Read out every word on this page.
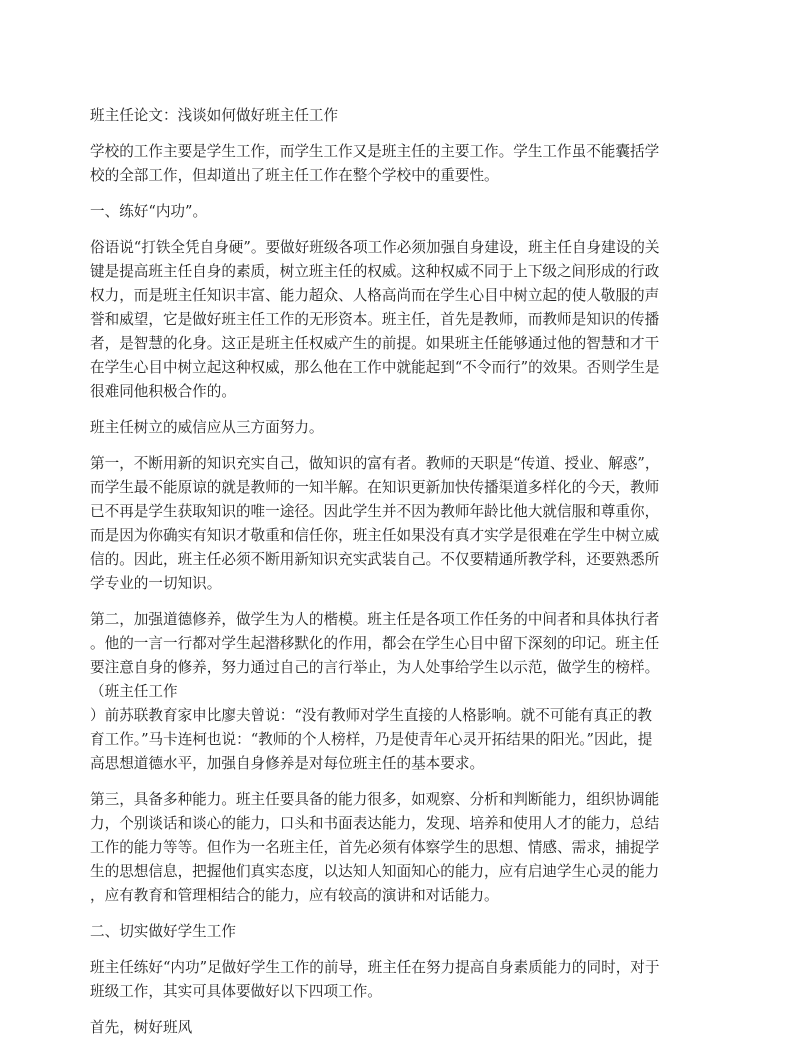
班主任论文：浅谈如何做好班主任工作
学校的工作主要是学生工作，而学生工作又是班主任的主要工作。学生工作虽不能囊括学
校的全部工作，但却道出了班主任工作在整个学校中的重要性。
一、练好“内功”。
俗语说“打铁全凭自身硬”。要做好班级各项工作必须加强自身建设，班主任自身建设的关
键是提高班主任自身的素质，树立班主任的权威。这种权威不同于上下级之间形成的行政
权力，而是班主任知识丰富、能力超众、人格高尚而在学生心目中树立起的使人敬服的声
誉和威望，它是做好班主任工作的无形资本。班主任，首先是教师，而教师是知识的传播
者，是智慧的化身。这正是班主任权威产生的前提。如果班主任能够通过他的智慧和才干
在学生心目中树立起这种权威，那么他在工作中就能起到“不令而行”的效果。否则学生是
很难同他积极合作的。
班主任树立的威信应从三方面努力。
第一，不断用新的知识充实自己，做知识的富有者。教师的天职是“传道、授业、解惑”，
而学生最不能原谅的就是教师的一知半解。在知识更新加快传播渠道多样化的今天，教师
已不再是学生获取知识的唯一途径。因此学生并不因为教师年龄比他大就信服和尊重你，
而是因为你确实有知识才敬重和信任你，班主任如果没有真才实学是很难在学生中树立威
信的。因此，班主任必须不断用新知识充实武装自己。不仅要精通所教学科，还要熟悉所
学专业的一切知识。
第二，加强道德修养，做学生为人的楷模。班主任是各项工作任务的中间者和具体执行者
。他的一言一行都对学生起潜移默化的作用，都会在学生心目中留下深刻的印记。班主任
要注意自身的修养，努力通过自己的言行举止，为人处事给学生以示范，做学生的榜样。
（班主任工作
）前苏联教育家申比廖夫曾说：“没有教师对学生直接的人格影响。就不可能有真正的教
育工作。”马卡连柯也说：“教师的个人榜样，乃是使青年心灵开拓结果的阳光。”因此，提
高思想道德水平，加强自身修养是对每位班主任的基本要求。
第三，具备多种能力。班主任要具备的能力很多，如观察、分析和判断能力，组织协调能
力，个别谈话和谈心的能力，口头和书面表达能力，发现、培养和使用人才的能力，总结
工作的能力等等。但作为一名班主任，首先必须有体察学生的思想、情感、需求，捕捉学
生的思想信息，把握他们真实态度，以达知人知面知心的能力，应有启迪学生心灵的能力
，应有教育和管理相结合的能力，应有较高的演讲和对话能力。
二、切实做好学生工作
班主任练好“内功”足做好学生工作的前导，班主任在努力提高自身素质能力的同时，对于
班级工作，其实可具体要做好以下四项工作。
首先，树好班风
